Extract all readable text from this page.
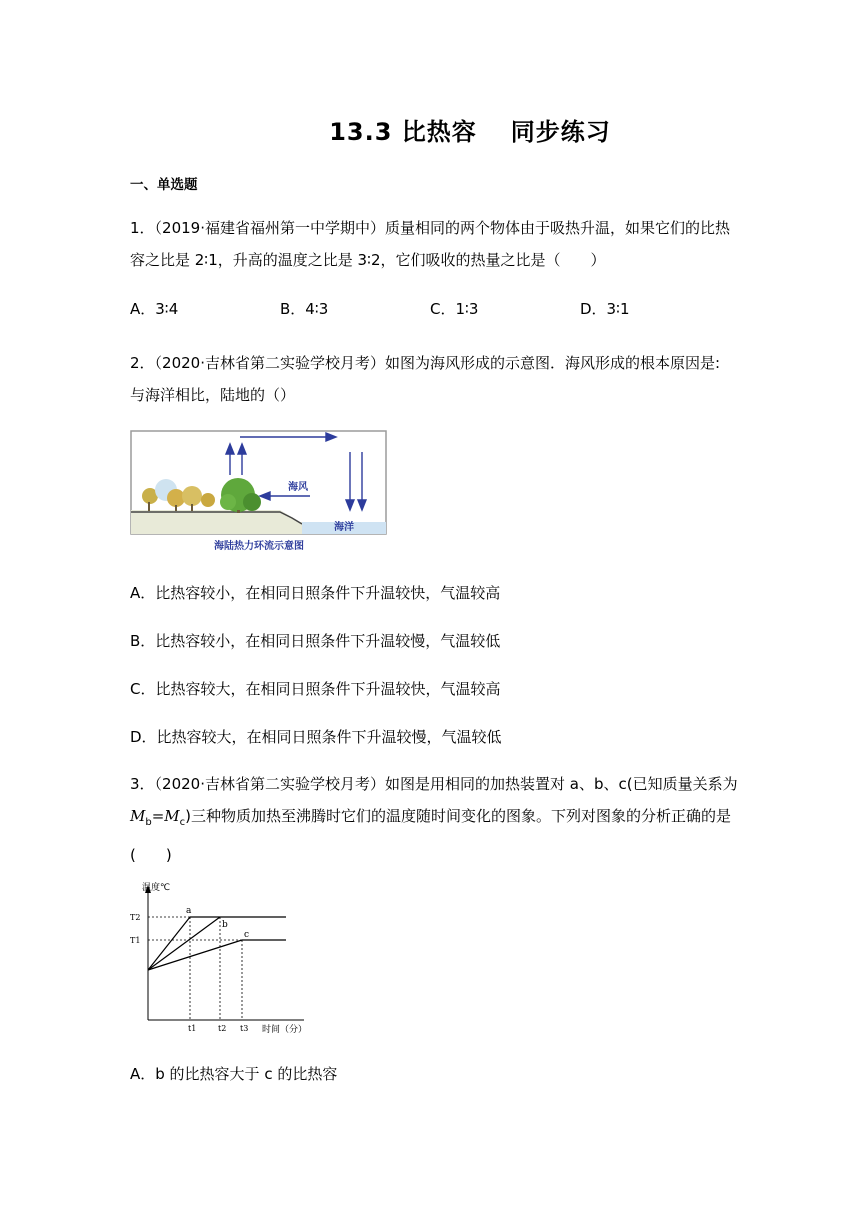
13.3 比热容 同步练习
一、单选题
1．（2019·福建省福州第一中学期中）质量相同的两个物体由于吸热升温，如果它们的比热
容之比是 2∶1，升高的温度之比是 3∶2，它们吸收的热量之比是（　　）
A．3∶4	B．4∶3	C．1∶3	D．3∶1
2．（2020·吉林省第二实验学校月考）如图为海风形成的示意图．海风形成的根本原因是:
与海洋相比，陆地的（）
海风
海洋
海陆热力环流示意图
A．比热容较小，在相同日照条件下升温较快，气温较高
B．比热容较小，在相同日照条件下升温较慢，气温较低
C．比热容较大，在相同日照条件下升温较快，气温较高
D．比热容较大，在相同日照条件下升温较慢，气温较低
3．（2020·吉林省第二实验学校月考）如图是用相同的加热装置对 a、b、c(已知质量关系为
$M_b=M_c$)三种物质加热至沸腾时它们的温度随时间变化的图象。下列对图象的分析正确的是
(　　)
温度℃
时间（分）
T2
T1
t1	t2 t3
a
b
c
A．b 的比热容大于 c 的比热容
